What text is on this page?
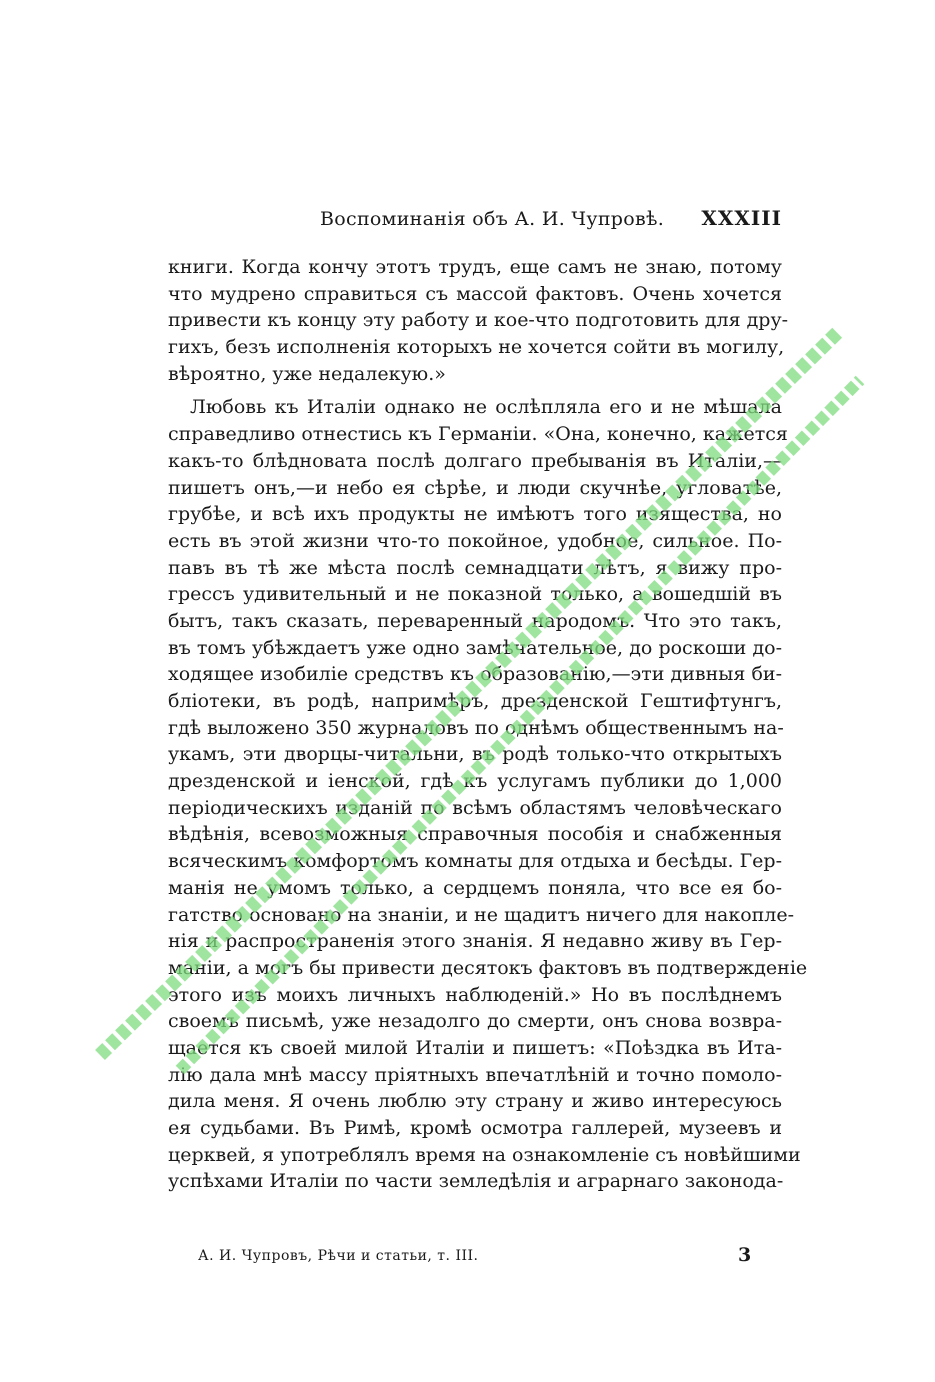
Воспоминанія объ А. И. Чупровѣ. XXXIII
книги. Когда кончу этотъ трудъ, еще самъ не знаю, потому
что мудрено справиться съ массой фактовъ. Очень хочется
привести къ концу эту работу и кое-что подготовить для дру-
гихъ, безъ исполненія которыхъ не хочется сойти въ могилу,
вѣроятно, уже недалекую.»
Любовь къ Италіи однако не ослѣпляла его и не мѣшала
справедливо отнестись къ Германіи. «Она, конечно, кажется
какъ-то блѣдновата послѣ долгаго пребыванія въ Италіи,—
пишетъ онъ,—и небо ея сѣрѣе, и люди скучнѣе, угловатѣе,
грубѣе, и всѣ ихъ продукты не имѣютъ того изящества, но
есть въ этой жизни что-то покойное, удобное, сильное. По-
павъ въ тѣ же мѣста послѣ семнадцати лѣтъ, я вижу про-
грессъ удивительный и не показной только, а вошедшій въ
бытъ, такъ сказать, переваренный народомъ. Что это такъ,
въ томъ убѣждаетъ уже одно замѣчательное, до роскоши до-
ходящее изобиліе средствъ къ образованію,—эти дивныя би-
бліотеки, въ родѣ, напримѣръ, дрезденской Гештифтунгъ,
гдѣ выложено 350 журналовъ по однѣмъ общественнымъ на-
укамъ, эти дворцы-читальни, въ родѣ только-что открытыхъ
дрезденской и іенской, гдѣ къ услугамъ публики до 1,000
періодическихъ изданій по всѣмъ областямъ человѣческаго
вѣдѣнія, всевозможныя справочныя пособія и снабженныя
всяческимъ комфортомъ комнаты для отдыха и бесѣды. Гер-
манія не умомъ только, а сердцемъ поняла, что все ея бо-
гатство основано на знаніи, и не щадитъ ничего для накопле-
нія и распространенія этого знанія. Я недавно живу въ Гер-
маніи, а могъ бы привести десятокъ фактовъ въ подтвержденіе
этого изъ моихъ личныхъ наблюденій.» Но въ послѣднемъ
своемъ письмѣ, уже незадолго до смерти, онъ снова возвра-
щается къ своей милой Италіи и пишетъ: «Поѣздка въ Ита-
лію дала мнѣ массу пріятныхъ впечатлѣній и точно помоло-
дила меня. Я очень люблю эту страну и живо интересуюсь
ея судьбами. Въ Римѣ, кромѣ осмотра галлерей, музеевъ и
церквей, я употреблялъ время на ознакомленіе съ новѣйшими
успѣхами Италіи по части земледѣлія и аграрнаго законода-
А. И. Чупровъ, Рѣчи и статьи, т. III.	3
